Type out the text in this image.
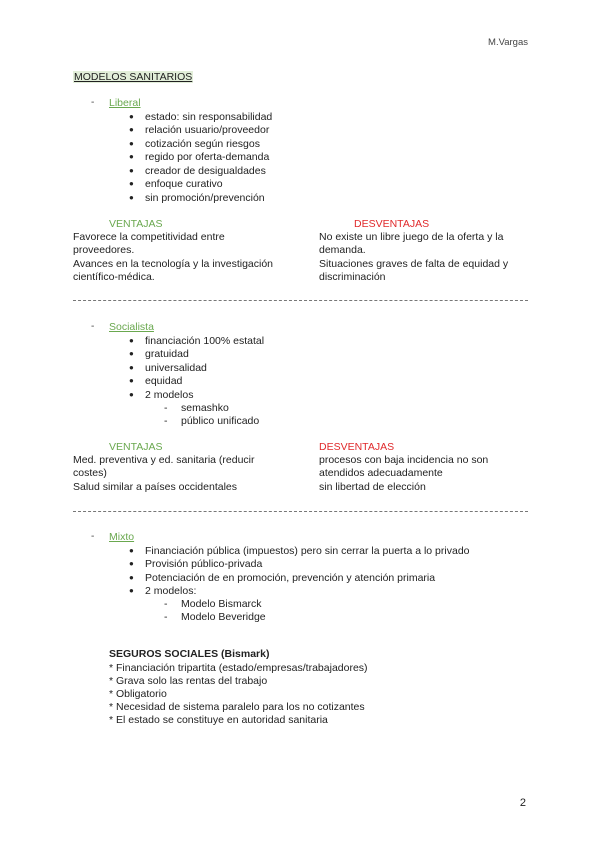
M.Vargas
MODELOS SANITARIOS
- Liberal
● estado: sin responsabilidad
● relación usuario/proveedor
● cotización según riesgos
● regido por oferta-demanda
● creador de desigualdades
● enfoque curativo
● sin promoción/prevención
VENTAJAS	DESVENTAJAS
Favorece la competitividad entre proveedores.
Avances en la tecnología y la investigación científico-médica.
No existe un libre juego de la oferta y la demanda.
Situaciones graves de falta de equidad y discriminación
- Socialista
● financiación 100% estatal
● gratuidad
● universalidad
● equidad
● 2 modelos
- semashko
- público unificado
VENTAJAS	DESVENTAJAS
Med. preventiva y ed. sanitaria (reducir costes)
Salud similar a países occidentales
procesos con baja incidencia no son atendidos adecuadamente
sin libertad de elección
- Mixto
● Financiación pública (impuestos) pero sin cerrar la puerta a lo privado
● Provisión público-privada
● Potenciación de en promoción, prevención y atención primaria
● 2 modelos:
- Modelo Bismarck
- Modelo Beveridge
SEGUROS SOCIALES (Bismark)
* Financiación tripartita (estado/empresas/trabajadores)
* Grava solo las rentas del trabajo
* Obligatorio
* Necesidad de sistema paralelo para los no cotizantes
* El estado se constituye en autoridad sanitaria
2
